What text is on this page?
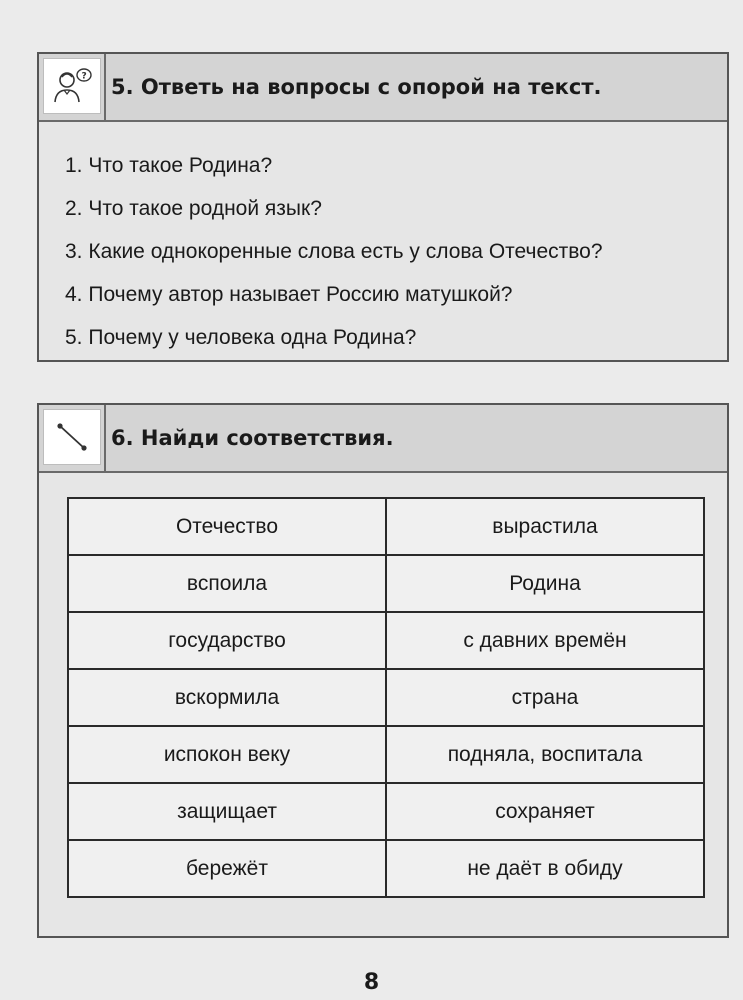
? 5. Ответь на вопросы с опорой на текст.
1. Что такое Родина?
2. Что такое родной язык?
3. Какие однокоренные слова есть у слова Отечество?
4. Почему автор называет Россию матушкой?
5. Почему у человека одна Родина?
6. Найди соответствия.
Отечество	вырастила
вспоила	Родина
государство	с давних времён
вскормила	страна
испокон веку	подняла, воспитала
защищает	сохраняет
бережёт	не даёт в обиду
8
